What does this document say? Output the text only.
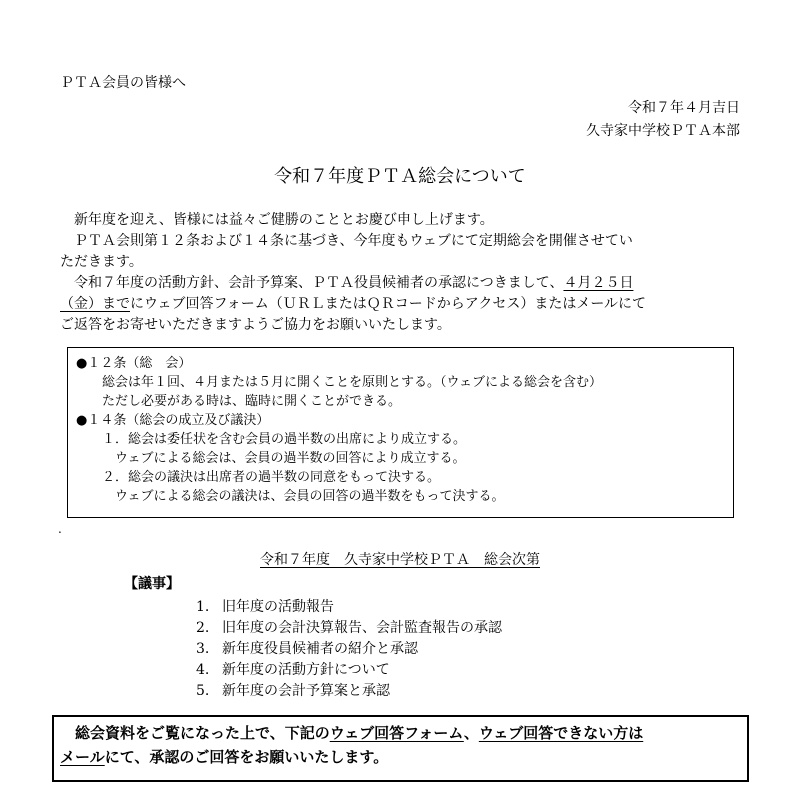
ＰＴＡ会員の皆様へ
令和７年４月吉日
久寺家中学校ＰＴＡ本部
令和７年度ＰＴＡ総会について
　新年度を迎え、皆様には益々ご健勝のこととお慶び申し上げます。
　ＰＴＡ会則第１２条および１４条に基づき、今年度もウェブにて定期総会を開催させてい
ただきます。
　令和７年度の活動方針、会計予算案、ＰＴＡ役員候補者の承認につきまして、４月２５日
（金）までにウェブ回答フォーム（ＵＲＬまたはＱＲコードからアクセス）またはメールにて
ご返答をお寄せいただきますようご協力をお願いいたします。
●１２条（総　会）
　　総会は年１回、４月または５月に開くことを原則とする。（ウェブによる総会を含む）
　　ただし必要がある時は、臨時に開くことができる。
●１４条（総会の成立及び議決）
　　１．総会は委任状を含む会員の過半数の出席により成立する。
　　　ウェブによる総会は、会員の過半数の回答により成立する。
　　２．総会の議決は出席者の過半数の同意をもって決する。
　　　ウェブによる総会の議決は、会員の回答の過半数をもって決する。
.
令和７年度　久寺家中学校ＰＴＡ　総会次第
【議事】
1. 旧年度の活動報告
2. 旧年度の会計決算報告、会計監査報告の承認
3. 新年度役員候補者の紹介と承認
4. 新年度の活動方針について
5. 新年度の会計予算案と承認
　総会資料をご覧になった上で、下記のウェブ回答フォーム、ウェブ回答できない方は
メールにて、承認のご回答をお願いいたします。
